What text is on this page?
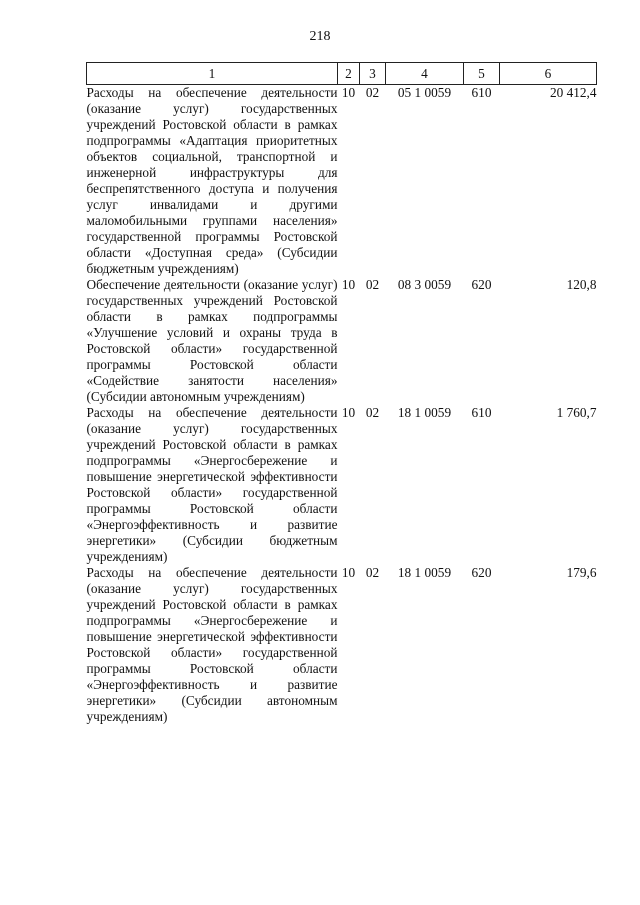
218
1	2	3	4	5	6
Расходы на обеспечение деятельности (оказание услуг) государственных учреждений Ростовской области в рамках подпрограммы «Адаптация приоритетных объектов социальной, транспортной и инженерной инфраструктуры для беспрепятственного доступа и получения услуг инвалидами и другими маломобильными группами населения» государственной программы Ростовской области «Доступная среда» (Субсидии бюджетным учреждениям)	10	02	05 1 0059	610	20 412,4
Обеспечение деятельности (оказание услуг) государственных учреждений Ростовской области в рамках подпрограммы «Улучшение условий и охраны труда в Ростовской области» государственной программы Ростовской области «Содействие занятости населения» (Субсидии автономным учреждениям)	10	02	08 3 0059	620	120,8
Расходы на обеспечение деятельности (оказание услуг) государственных учреждений Ростовской области в рамках подпрограммы «Энергосбережение и повышение энергетической эффективности Ростовской области» государственной программы Ростовской области «Энергоэффективность и развитие энергетики» (Субсидии бюджетным учреждениям)	10	02	18 1 0059	610	1 760,7
Расходы на обеспечение деятельности (оказание услуг) государственных учреждений Ростовской области в рамках подпрограммы «Энергосбережение и повышение энергетической эффективности Ростовской области» государственной программы Ростовской области «Энергоэффективность и развитие энергетики» (Субсидии автономным учреждениям)	10	02	18 1 0059	620	179,6
